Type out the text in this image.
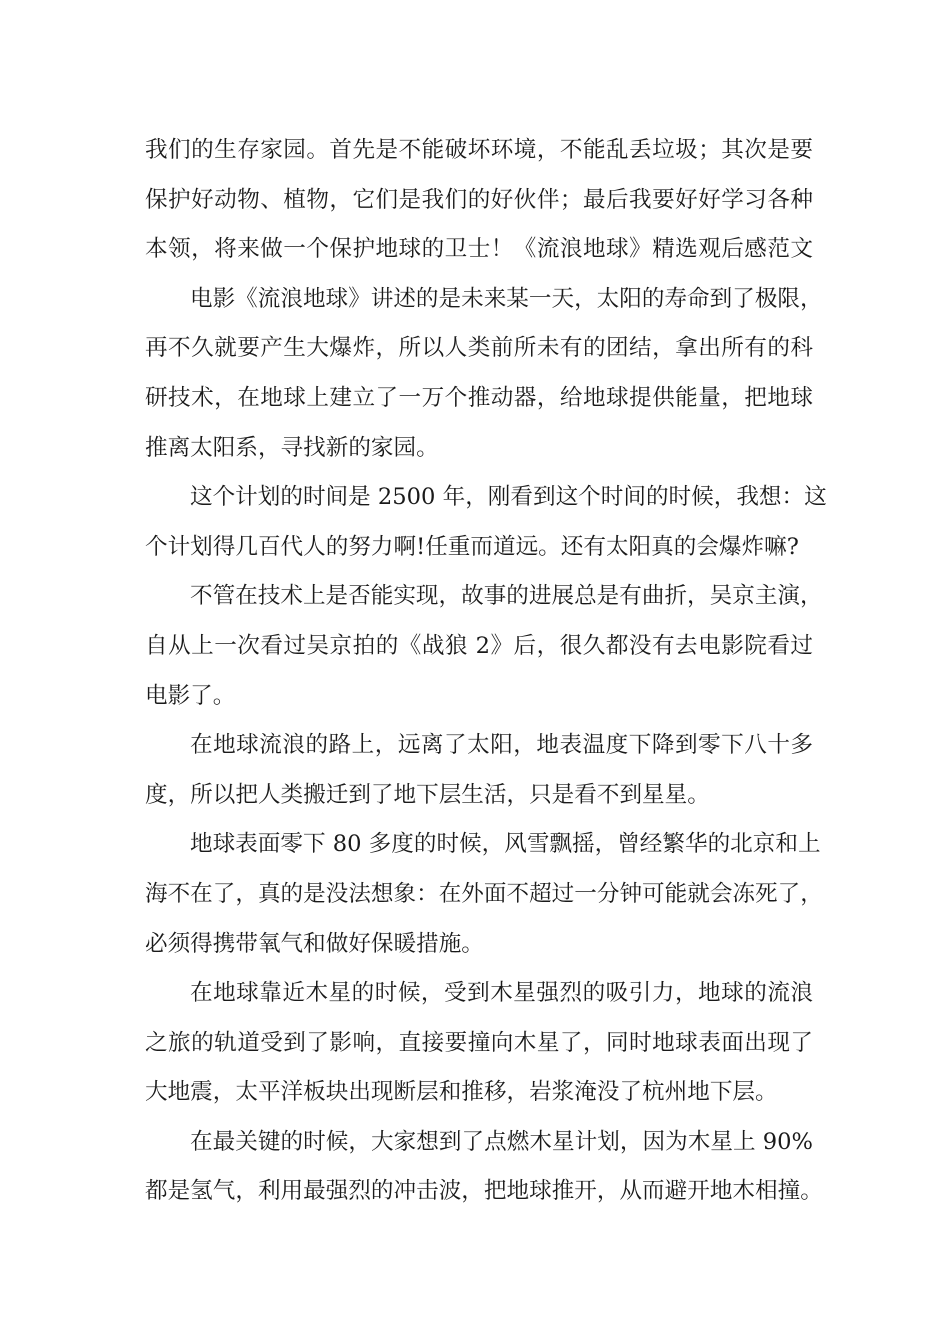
我们的生存家园。首先是不能破坏环境，不能乱丢垃圾；其次是要
保护好动物、植物，它们是我们的好伙伴；最后我要好好学习各种
本领，将来做一个保护地球的卫士！《流浪地球》精选观后感范文
电影《流浪地球》讲述的是未来某一天，太阳的寿命到了极限，
再不久就要产生大爆炸，所以人类前所未有的团结，拿出所有的科
研技术，在地球上建立了一万个推动器，给地球提供能量，把地球
推离太阳系，寻找新的家园。
这个计划的时间是 2500 年，刚看到这个时间的时候，我想：这
个计划得几百代人的努力啊!任重而道远。还有太阳真的会爆炸嘛?
不管在技术上是否能实现，故事的进展总是有曲折，吴京主演，
自从上一次看过吴京拍的《战狼 2》后，很久都没有去电影院看过
电影了。
在地球流浪的路上，远离了太阳，地表温度下降到零下八十多
度，所以把人类搬迁到了地下层生活，只是看不到星星。
地球表面零下 80 多度的时候，风雪飘摇，曾经繁华的北京和上
海不在了，真的是没法想象：在外面不超过一分钟可能就会冻死了，
必须得携带氧气和做好保暖措施。
在地球靠近木星的时候，受到木星强烈的吸引力，地球的流浪
之旅的轨道受到了影响，直接要撞向木星了，同时地球表面出现了
大地震，太平洋板块出现断层和推移，岩浆淹没了杭州地下层。
在最关键的时候，大家想到了点燃木星计划，因为木星上 90%
都是氢气，利用最强烈的冲击波，把地球推开，从而避开地木相撞。
